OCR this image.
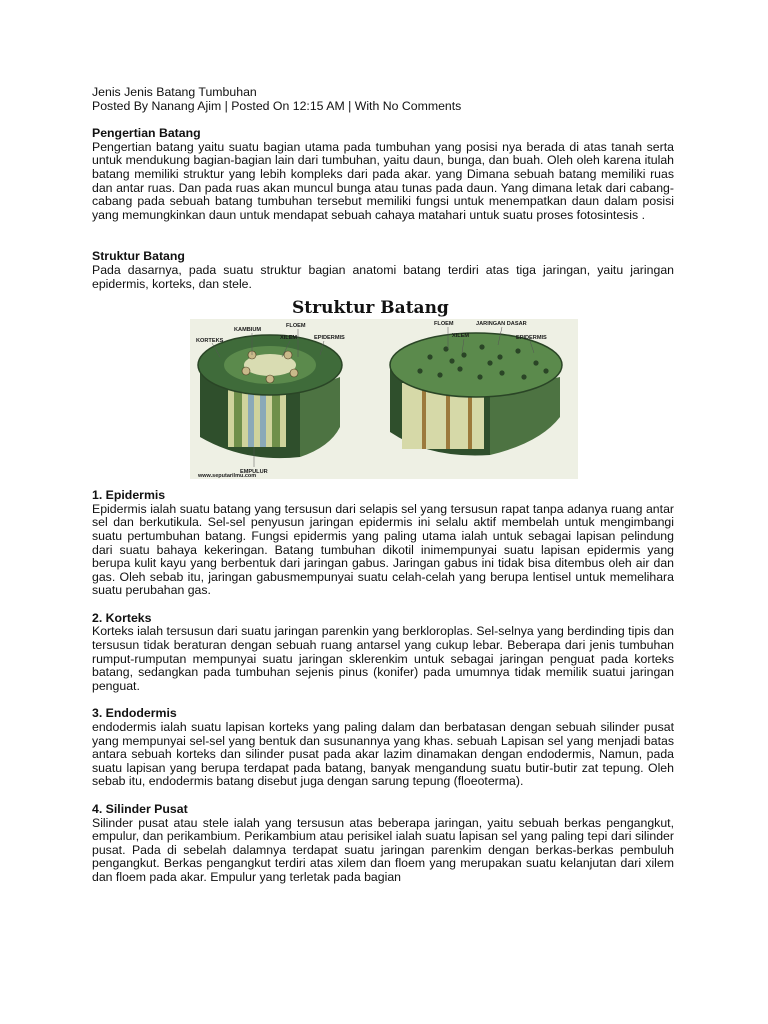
Jenis Jenis Batang Tumbuhan

Posted By Nanang Ajim | Posted On 12:15 AM | With No Comments

Pengertian Batang

Pengertian batang yaitu suatu bagian utama pada tumbuhan yang posisi nya berada di atas tanah serta untuk mendukung bagian-bagian lain dari tumbuhan, yaitu daun, bunga, dan buah. Oleh oleh karena itulah batang memiliki struktur yang lebih kompleks dari pada akar. yang Dimana sebuah batang memiliki ruas dan antar ruas. Dan pada ruas akan muncul bunga atau tunas pada daun. Yang dimana letak dari cabang-cabang pada sebuah batang tumbuhan tersebut memiliki fungsi untuk menempatkan daun dalam posisi yang memungkinkan daun untuk mendapat sebuah cahaya matahari untuk suatu proses fotosintesis .

Struktur Batang

Pada dasarnya, pada suatu struktur bagian anatomi batang terdiri atas tiga jaringan, yaitu jaringan epidermis, korteks, dan stele.

Struktur Batang
KAMBIUM
FLOEM
KORTEKS	XILEM	EPIDERMIS
EMPULUR
www.seputarilmu.com
FLOEM	JARINGAN DASAR
XILEM	EPIDERMIS
1. Epidermis

Epidermis ialah suatu batang yang tersusun dari selapis sel yang tersusun rapat tanpa adanya ruang antar sel dan berkutikula. Sel-sel penyusun jaringan epidermis ini selalu aktif membelah untuk mengimbangi suatu pertumbuhan batang. Fungsi epidermis yang paling utama ialah untuk sebagai lapisan pelindung dari suatu bahaya kekeringan. Batang tumbuhan dikotil inimempunyai suatu lapisan epidermis yang berupa kulit kayu yang berbentuk dari jaringan gabus. Jaringan gabus ini tidak bisa ditembus oleh air dan gas. Oleh sebab itu, jaringan gabusmempunyai suatu celah-celah yang berupa lentisel untuk memelihara suatu perubahan gas.

2. Korteks

Korteks ialah tersusun dari suatu jaringan parenkin yang berkloroplas. Sel-selnya yang berdinding tipis dan tersusun tidak beraturan dengan sebuah ruang antarsel yang cukup lebar. Beberapa dari jenis tumbuhan rumput-rumputan mempunyai suatu jaringan sklerenkim untuk sebagai jaringan penguat pada korteks batang, sedangkan pada tumbuhan sejenis pinus (konifer) pada umumnya tidak memilik suatui jaringan penguat.

3. Endodermis

endodermis ialah suatu lapisan korteks yang paling dalam dan berbatasan dengan sebuah silinder pusat yang mempunyai sel-sel yang bentuk dan susunannya yang khas. sebuah Lapisan sel yang menjadi batas antara sebuah korteks dan silinder pusat pada akar lazim dinamakan dengan endodermis, Namun, pada suatu lapisan yang berupa terdapat pada batang, banyak mengandung suatu butir-butir zat tepung. Oleh sebab itu, endodermis batang disebut juga dengan sarung tepung (floeoterma).

4. Silinder Pusat

Silinder pusat atau stele ialah yang tersusun atas beberapa jaringan, yaitu sebuah berkas pengangkut, empulur, dan perikambium. Perikambium atau perisikel ialah suatu lapisan sel yang paling tepi dari silinder pusat. Pada di sebelah dalamnya terdapat suatu jaringan parenkim dengan berkas-berkas pembuluh pengangkut. Berkas pengangkut terdiri atas xilem dan floem yang merupakan suatu kelanjutan dari xilem dan floem pada akar. Empulur yang terletak pada bagian
